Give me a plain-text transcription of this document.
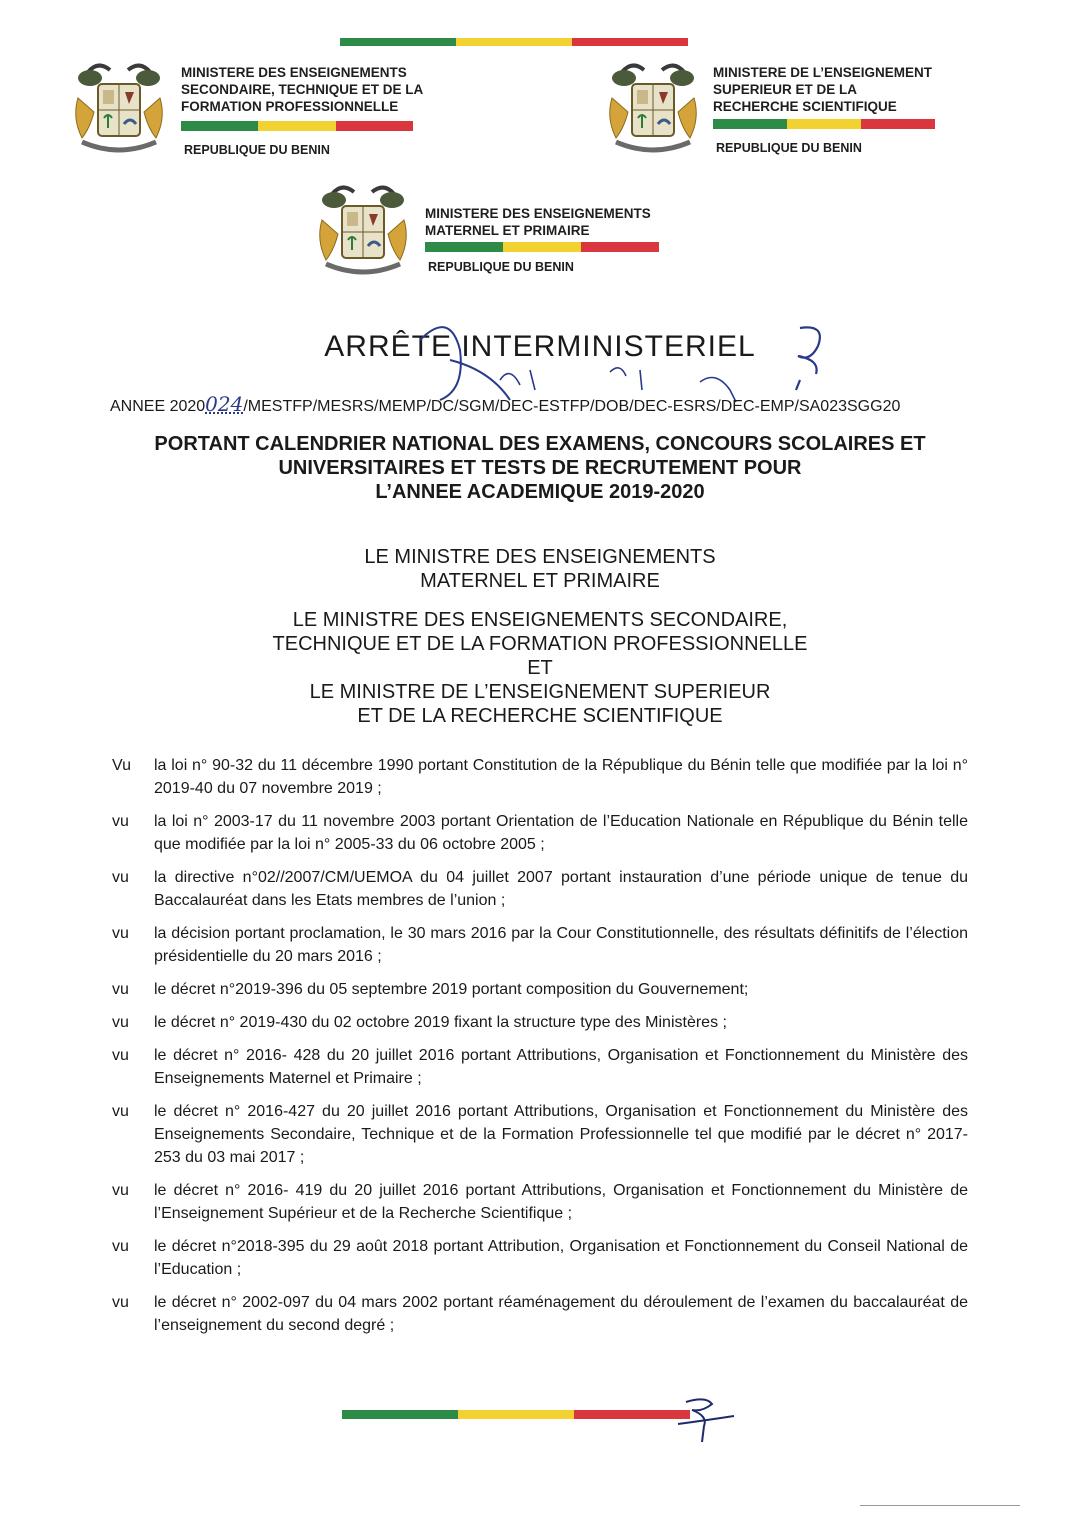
MINISTERE DES ENSEIGNEMENTS
SECONDAIRE, TECHNIQUE ET DE LA
FORMATION PROFESSIONNELLE
REPUBLIQUE DU BENIN
MINISTERE DE L’ENSEIGNEMENT
SUPERIEUR ET DE LA
RECHERCHE SCIENTIFIQUE
REPUBLIQUE DU BENIN
MINISTERE DES ENSEIGNEMENTS
MATERNEL ET PRIMAIRE
REPUBLIQUE DU BENIN
ARRÊTE INTERMINISTERIEL
ANNEE 2020024/MESTFP/MESRS/MEMP/DC/SGM/DEC-ESTFP/DOB/DEC-ESRS/DEC-EMP/SA023SGG20
PORTANT CALENDRIER NATIONAL DES EXAMENS, CONCOURS SCOLAIRES ET
UNIVERSITAIRES ET TESTS DE RECRUTEMENT POUR
L’ANNEE ACADEMIQUE 2019-2020
LE MINISTRE DES ENSEIGNEMENTS
MATERNEL ET PRIMAIRE
LE MINISTRE DES ENSEIGNEMENTS SECONDAIRE,
TECHNIQUE ET DE LA FORMATION PROFESSIONNELLE
ET
LE MINISTRE DE L’ENSEIGNEMENT SUPERIEUR
ET DE LA RECHERCHE SCIENTIFIQUE
Vu	la loi n° 90-32 du 11 décembre 1990 portant Constitution de la République du Bénin telle que modifiée par la loi n° 2019-40 du 07 novembre 2019 ;
vu	la loi n° 2003-17 du 11 novembre 2003 portant Orientation de l’Education Nationale en République du Bénin telle que modifiée par la loi n° 2005-33 du 06 octobre 2005 ;
vu	la directive n°02//2007/CM/UEMOA du 04 juillet 2007 portant instauration d’une période unique de tenue du Baccalauréat dans les Etats membres de l’union ;
vu	la décision portant proclamation, le 30 mars 2016 par la Cour Constitutionnelle, des résultats définitifs de l’élection présidentielle du 20 mars 2016 ;
vu	le décret n°2019-396 du 05 septembre 2019 portant composition du Gouvernement;
vu	le décret n° 2019-430 du 02 octobre 2019 fixant la structure type des Ministères ;
vu	le décret n° 2016- 428 du 20 juillet 2016 portant Attributions, Organisation et Fonctionnement du Ministère des Enseignements Maternel et Primaire ;
vu	le décret n° 2016-427 du 20 juillet 2016 portant Attributions, Organisation et Fonctionnement du Ministère des Enseignements Secondaire, Technique et de la Formation Professionnelle tel que modifié par le décret n° 2017-253 du 03 mai 2017 ;
vu	le décret n° 2016- 419 du 20 juillet 2016 portant Attributions, Organisation et Fonctionnement du Ministère de l’Enseignement Supérieur et de la Recherche Scientifique ;
vu	le décret n°2018-395 du 29 août 2018 portant Attribution, Organisation et Fonctionnement du Conseil National de l’Education ;
vu	le décret n° 2002-097 du 04 mars 2002 portant réaménagement du déroulement de l’examen du baccalauréat de l’enseignement du second degré ;
